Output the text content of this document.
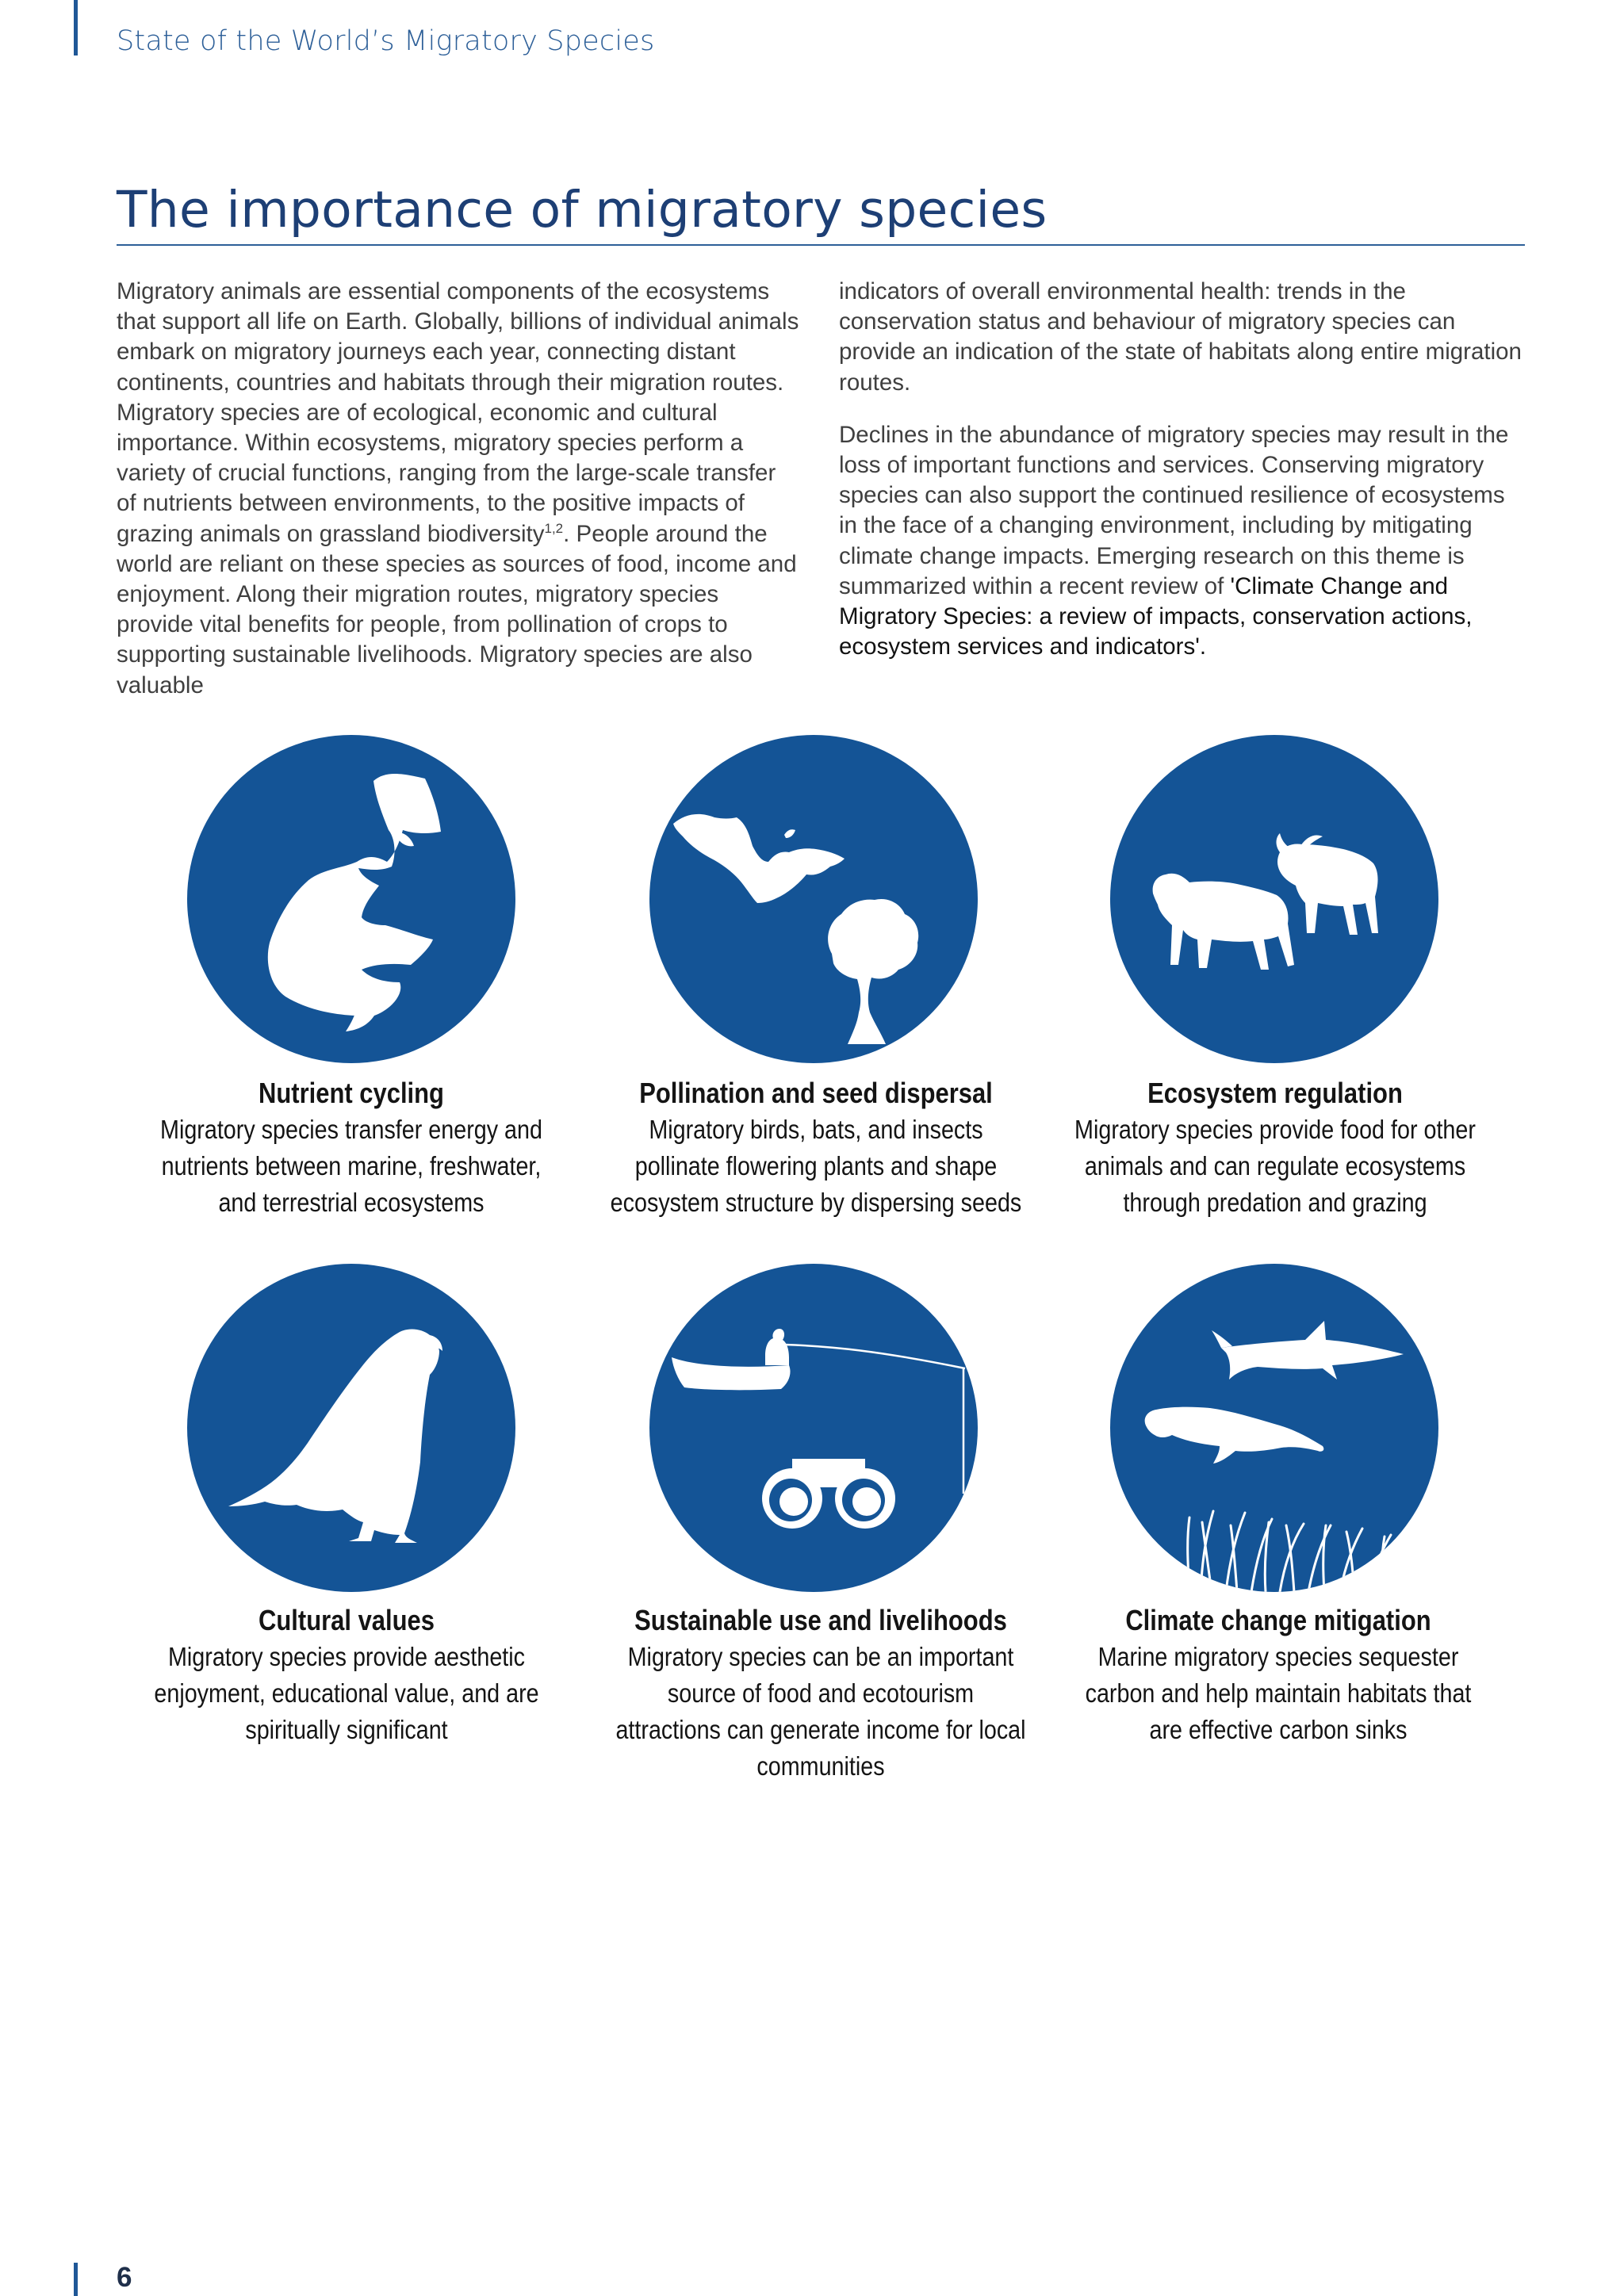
State of the World’s Migratory Species
The importance of migratory species

Migratory animals are essential components of the ecosystems that support all life on Earth. Globally, billions of individual animals embark on migratory journeys each year, connecting distant continents, countries and habitats through their migration routes. Migratory species are of ecological, economic and cultural importance. Within ecosystems, migratory species perform a variety of crucial functions, ranging from the large-scale transfer of nutrients between environments, to the positive impacts of grazing animals on grassland biodiversity$^{1,2}$. People around the world are reliant on these species as sources of food, income and enjoyment. Along their migration routes, migratory species provide vital benefits for people, from pollination of crops to supporting sustainable livelihoods. Migratory species are also valuable

indicators of overall environmental health: trends in the conservation status and behaviour of migratory species can provide an indication of the state of habitats along entire migration routes.

Declines in the abundance of migratory species may result in the loss of important functions and services. Conserving migratory species can also support the continued resilience of ecosystems in the face of a changing environment, including by mitigating climate change impacts. Emerging research on this theme is summarized within a recent review of 'Climate Change and Migratory Species: a review of impacts, conservation actions, ecosystem services and indicators'.

Nutrient cycling
Migratory species transfer energy and nutrients between marine, freshwater, and terrestrial ecosystems
Pollination and seed dispersal
Migratory birds, bats, and insects pollinate flowering plants and shape ecosystem structure by dispersing seeds
Ecosystem regulation
Migratory species provide food for other animals and can regulate ecosystems through predation and grazing
Cultural values
Migratory species provide aesthetic enjoyment, educational value, and are spiritually significant
Sustainable use and livelihoods
Migratory species can be an important source of food and ecotourism attractions can generate income for local communities
Climate change mitigation
Marine migratory species sequester carbon and help maintain habitats that are effective carbon sinks
6
